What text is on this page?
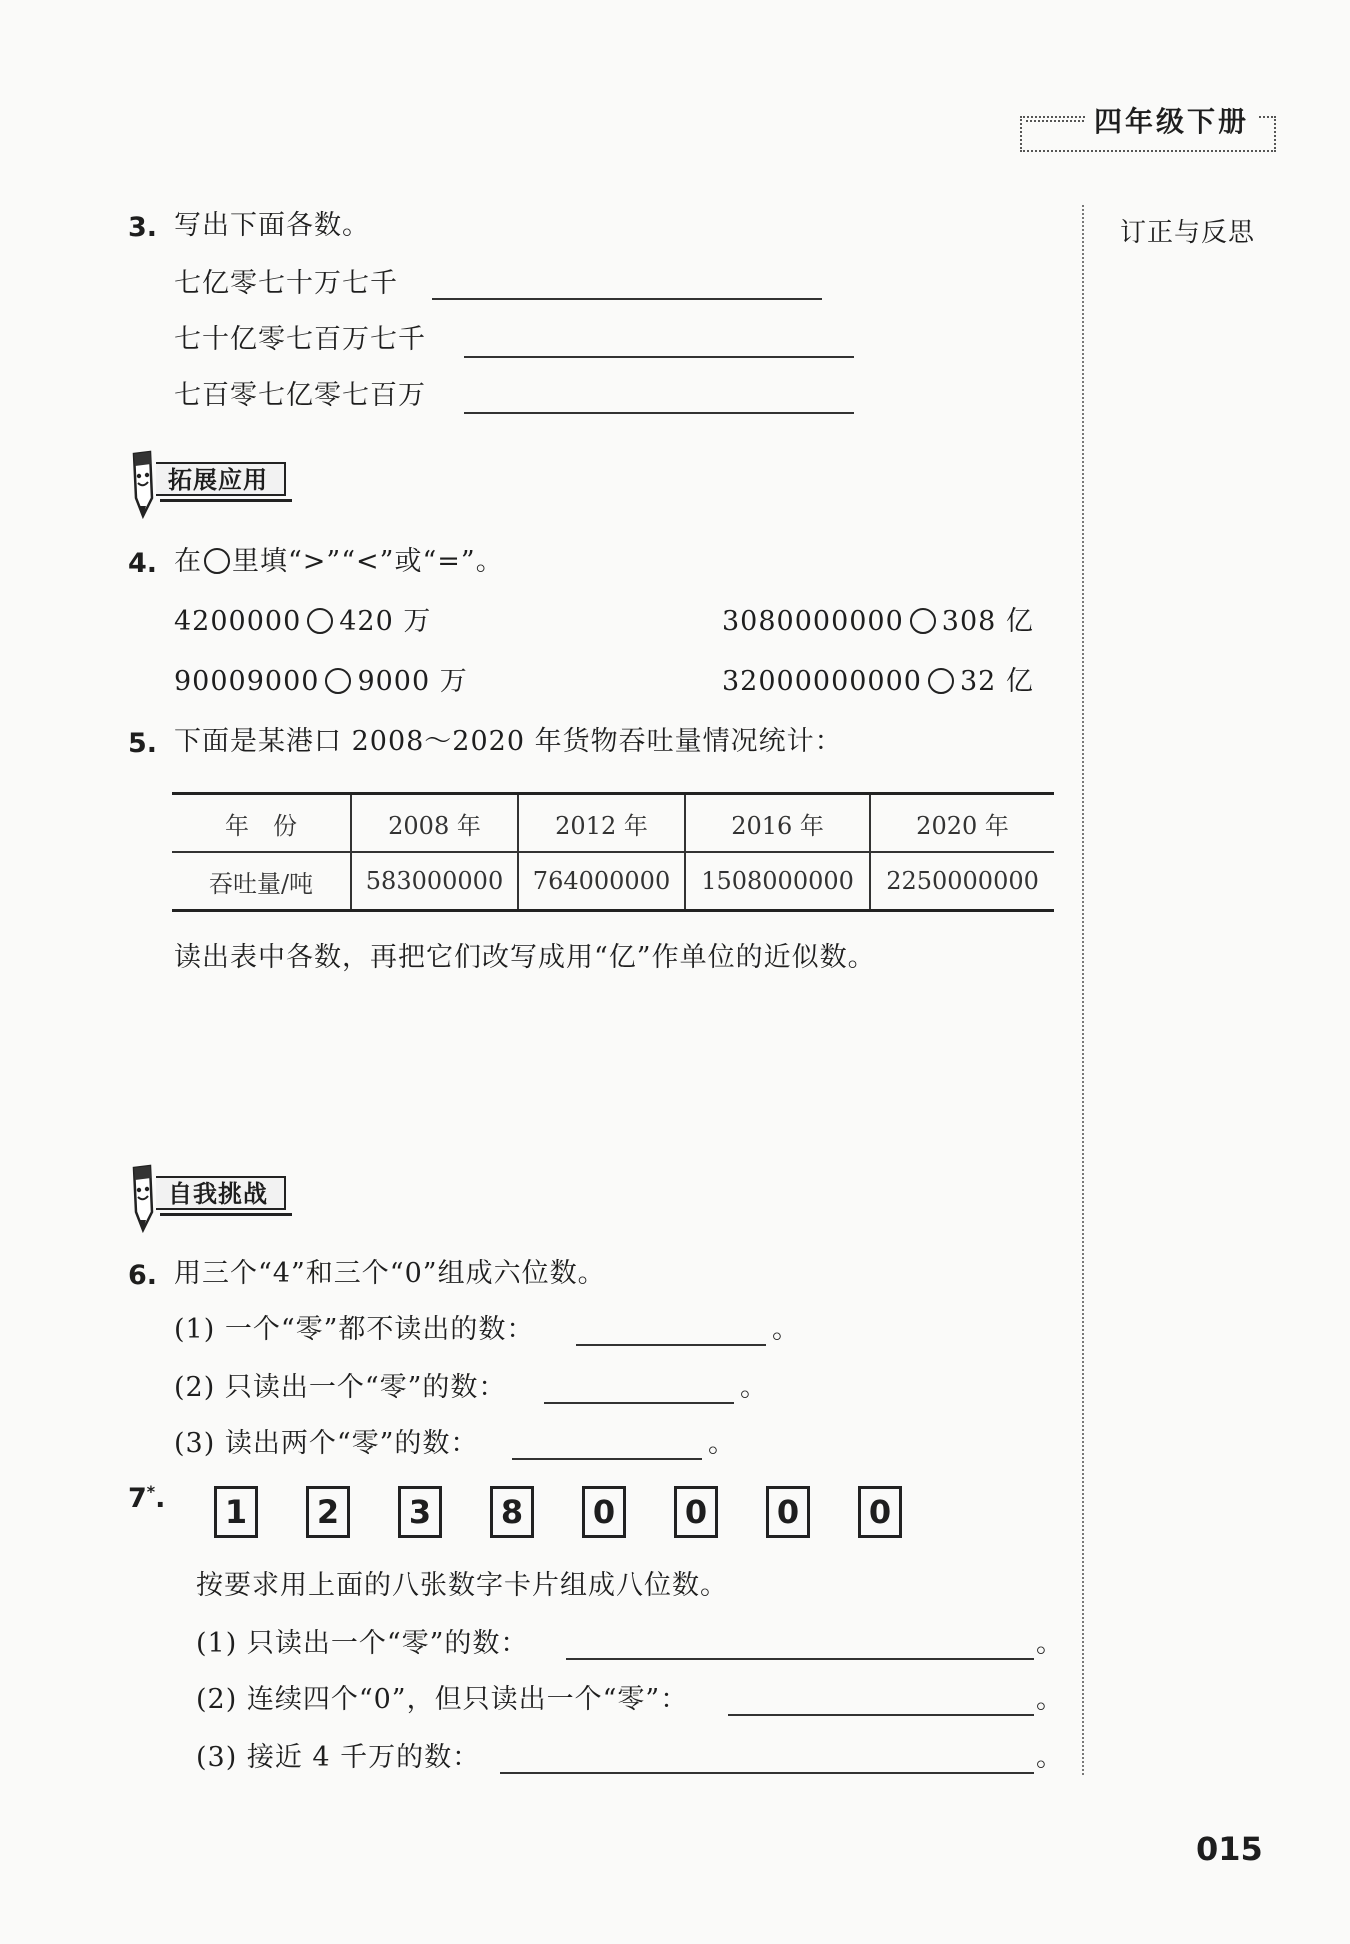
四年级下册
订正与反思
3. 写出下面各数。
七亿零七十万七千
七十亿零七百万七千
七百零七亿零七百万
拓展应用
4. 在 里填“>”“<”或“=”。
4200000 420 万	3080000000 308 亿
90009000 9000 万	32000000000 32 亿
5. 下面是某港口 2008～2020 年货物吞吐量情况统计：
年　份	2008 年	2012 年	2016 年	2020 年
吞吐量/吨	583000000	764000000	1508000000	2250000000
读出表中各数，再把它们改写成用“亿”作单位的近似数。
自我挑战
6. 用三个“4”和三个“0”组成六位数。
(1) 一个“零”都不读出的数：	。
(2) 只读出一个“零”的数：	。
(3) 读出两个“零”的数：	。
7*.	1	2	3	8	0	0	0	0
按要求用上面的八张数字卡片组成八位数。
(1) 只读出一个“零”的数：	。
(2) 连续四个“0”，但只读出一个“零”：	。
(3) 接近 4 千万的数：	。
015
